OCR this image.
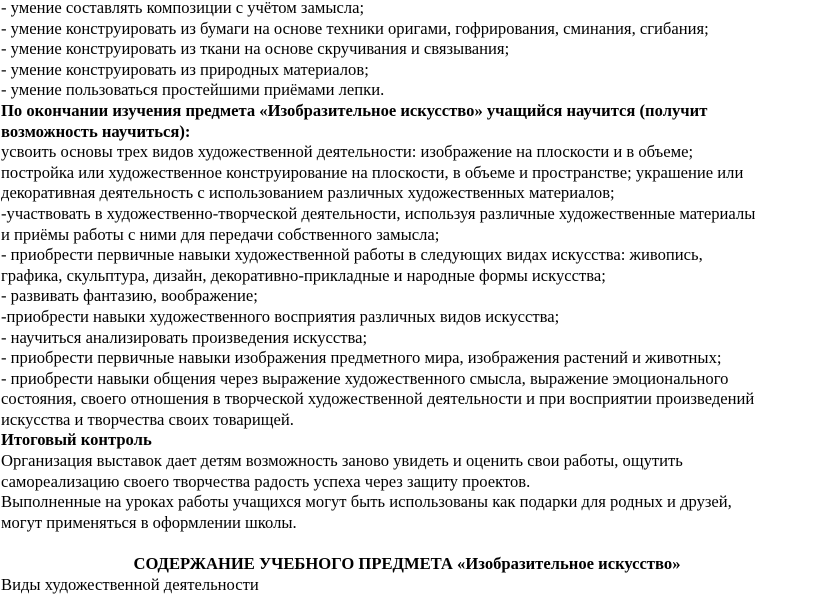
- умение составлять композиции с учётом замысла;
- умение конструировать из бумаги на основе техники оригами, гофрирования, сминания, сгибания;
- умение конструировать из ткани на основе скручивания и связывания;
- умение конструировать из природных материалов;
- умение пользоваться простейшими приёмами лепки.
По окончании изучения предмета «Изобразительное искусство» учащийся научится (получит
возможность научиться):
усвоить основы трех видов художественной деятельности: изображение на плоскости и в объеме;
постройка или художественное конструирование на плоскости, в объеме и пространстве; украшение или
декоративная деятельность с использованием различных художественных материалов;
-участвовать в художественно-творческой деятельности, используя различные художественные материалы
и приёмы работы с ними для передачи собственного замысла;
- приобрести первичные навыки художественной работы в следующих видах искусства: живопись,
графика, скульптура, дизайн, декоративно-прикладные и народные формы искусства;
- развивать фантазию, воображение;
-приобрести навыки художественного восприятия различных видов искусства;
- научиться анализировать произведения искусства;
- приобрести первичные навыки изображения предметного мира, изображения растений и животных;
- приобрести навыки общения через выражение художественного смысла, выражение эмоционального
состояния, своего отношения в творческой художественной деятельности и при восприятии произведений
искусства и творчества своих товарищей.
Итоговый контроль
Организация выставок дает детям возможность заново увидеть и оценить свои работы, ощутить
самореализацию своего творчества радость успеха через защиту проектов.
Выполненные на уроках работы учащихся могут быть использованы как подарки для родных и друзей,
могут применяться в оформлении школы.
СОДЕРЖАНИЕ УЧЕБНОГО ПРЕДМЕТА «Изобразительное искусство»
Виды художественной деятельности
